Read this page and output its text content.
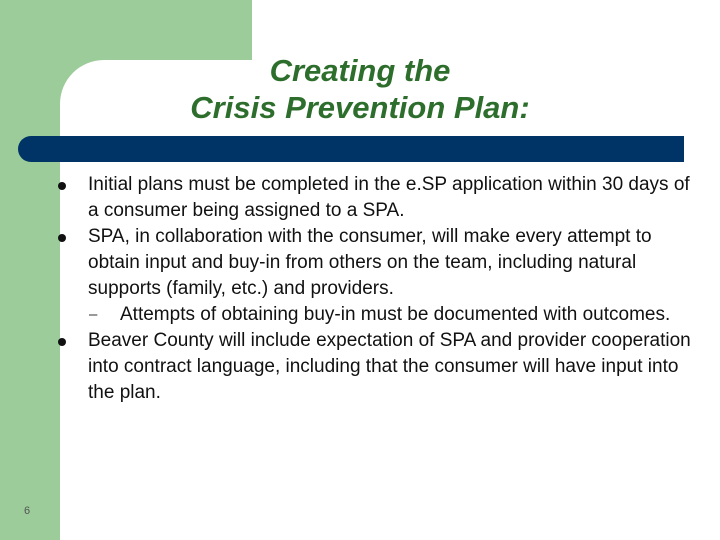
Creating the
Crisis Prevention Plan:
Initial plans must be completed in the e.SP application within 30 days of a consumer being assigned to a SPA.
SPA, in collaboration with the consumer, will make every attempt to obtain input and buy-in from others on the team, including natural supports (family, etc.) and providers.
– Attempts of obtaining buy-in must be documented with outcomes.
Beaver County will include expectation of SPA and provider cooperation into contract language, including that the consumer will have input into the plan.
6
